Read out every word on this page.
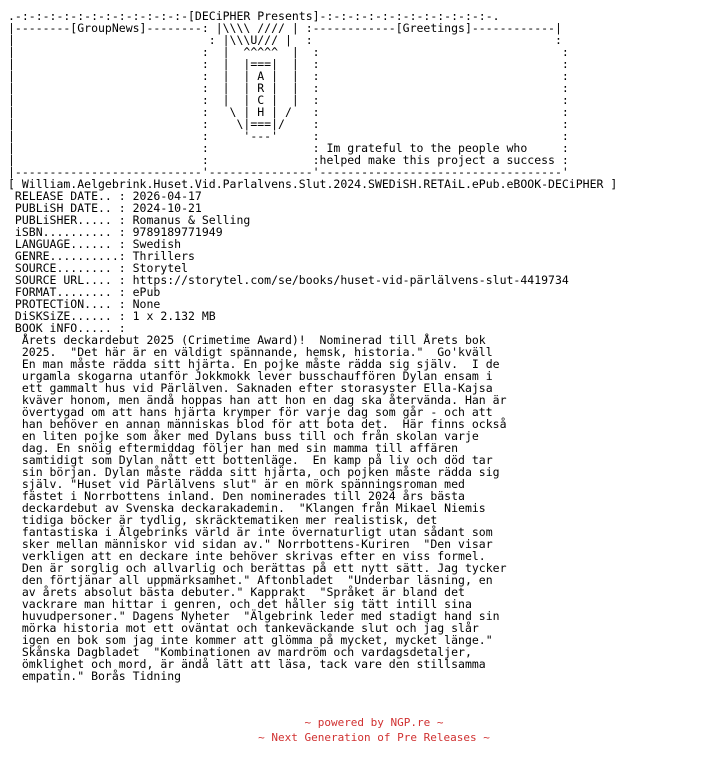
.-:-:-:-:-:-:-:-:-:-:-:-:-[DECiPHER Presents]-:-:-:-:-:-:-:-:-:-:-:-:-.
|--------[GroupNews]--------: |\\\\ //// | :------------[Greetings]------------|
|                            : |\\\U/// |  :                                   :
|                           :  |  ^^^^^  |  :                                   :
|                           :  |  |===|  |  :                                   :
|                           :  |  | A |  |  :                                   :
|                           :  |  | R |  |  :                                   :
|                           :  |  | C |  |  :                                   :
|                           :   \ | H | /   :                                   :
|                           :    \|===|/    :                                   :
|                           :     '---'     :                                   :
|                           :               : Im grateful to the people who     :
|                           :               :helped make this project a success :
|---------------------------'---------------'-----------------------------------'
[ William.Aelgebrink.Huset.Vid.Parlalvens.Slut.2024.SWEDiSH.RETAiL.ePub.eBOOK-DECiPHER ]
RELEASE DATE.. : 2026-04-17
PUBLiSH DATE.. : 2024-10-21
PUBLiSHER..... : Romanus & Selling
iSBN.......... : 9789189771949
LANGUAGE...... : Swedish
GENRE..........: Thrillers
SOURCE........ : Storytel
SOURCE URL.... : https://storytel.com/se/books/huset-vid-pärlälvens-slut-4419734
FORMAT........ : ePub
PROTECTiON.... : None
DiSKSiZE...... : 1 x 2.132 MB
BOOK iNFO..... :
Årets deckardebut 2025 (Crimetime Award)!  Nominerad till Årets bok
2025.  "Det här är en väldigt spännande, hemsk, historia."  Go'kväll
En man måste rädda sitt hjärta. En pojke måste rädda sig själv.  I de
urgamla skogarna utanför Jokkmokk lever busschauffören Dylan ensam i
ett gammalt hus vid Pärlälven. Saknaden efter storasyster Ella-Kajsa
kväver honom, men ändå hoppas han att hon en dag ska återvända. Han är
övertygad om att hans hjärta krymper för varje dag som går - och att
han behöver en annan människas blod för att bota det.  Här finns också
en liten pojke som åker med Dylans buss till och från skolan varje
dag. En snöig eftermiddag följer han med sin mamma till affären
samtidigt som Dylan nått ett bottenläge.  En kamp på liv och död tar
sin början. Dylan måste rädda sitt hjärta, och pojken måste rädda sig
själv. "Huset vid Pärlälvens slut" är en mörk spänningsroman med
fästet i Norrbottens inland. Den nominerades till 2024 års bästa
deckardebut av Svenska deckarakademin.  "Klangen från Mikael Niemis
tidiga böcker är tydlig, skräcktematiken mer realistisk, det
fantastiska i Älgebrinks värld är inte övernaturligt utan sådant som
sker mellan människor vid sidan av." Norrbottens-Kuriren  "Den visar
verkligen att en deckare inte behöver skrivas efter en viss formel.
Den är sorglig och allvarlig och berättas på ett nytt sätt. Jag tycker
den förtjänar all uppmärksamhet." Aftonbladet  "Underbar läsning, en
av årets absolut bästa debuter." Kapprakt  "Språket är bland det
vackrare man hittar i genren, och det håller sig tätt intill sina
huvudpersoner." Dagens Nyheter  "Älgebrink leder med stadigt hand sin
mörka historia mot ett oväntat och tankeväckande slut och jag slår
igen en bok som jag inte kommer att glömma på mycket, mycket länge."
Skånska Dagbladet  "Kombinationen av mardröm och vardagsdetaljer,
ömklighet och mord, är ändå lätt att läsa, tack vare den stillsamma
empatin." Borås Tidning
~ powered by NGP.re ~
~ Next Generation of Pre Releases ~
